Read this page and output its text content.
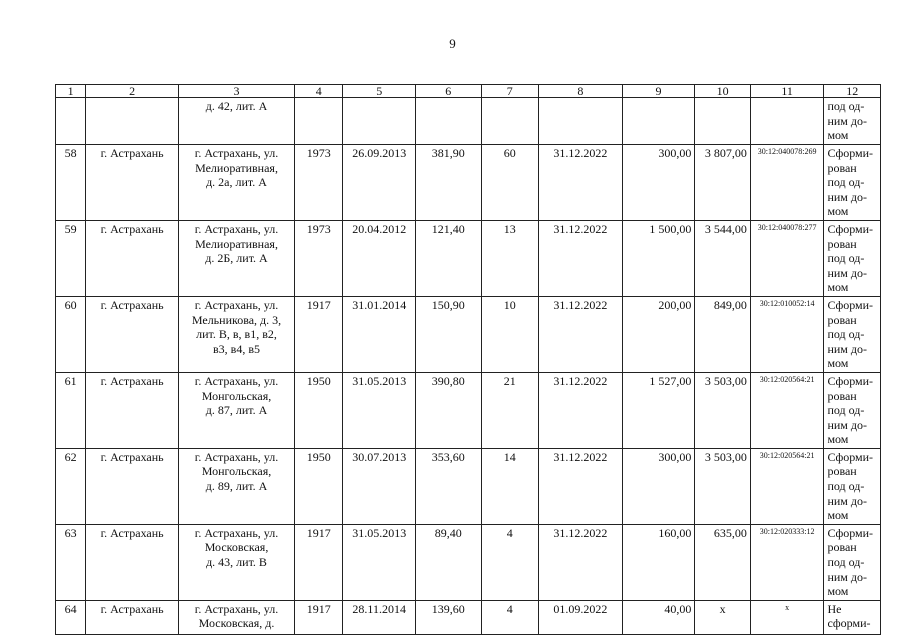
9
1	2	3	4	5	6	7	8	9	10	11	12
		д. 42, лит. А									под од-
ним до-
мом
58	г. Астрахань	г. Астрахань, ул.
Мелиоративная,
д. 2а, лит. А	1973	26.09.2013	381,90	60	31.12.2022	300,00	3 807,00	30:12:040078:269	Сформи-
рован
под од-
ним до-
мом
59	г. Астрахань	г. Астрахань, ул.
Мелиоративная,
д. 2Б, лит. А	1973	20.04.2012	121,40	13	31.12.2022	1 500,00	3 544,00	30:12:040078:277	Сформи-
рован
под од-
ним до-
мом
60	г. Астрахань	г. Астрахань, ул.
Мельникова, д. 3,
лит. В, в, в1, в2,
в3, в4, в5	1917	31.01.2014	150,90	10	31.12.2022	200,00	849,00	30:12:010052:14	Сформи-
рован
под од-
ним до-
мом
61	г. Астрахань	г. Астрахань, ул.
Монгольская,
д. 87, лит. А	1950	31.05.2013	390,80	21	31.12.2022	1 527,00	3 503,00	30:12:020564:21	Сформи-
рован
под од-
ним до-
мом
62	г. Астрахань	г. Астрахань, ул.
Монгольская,
д. 89, лит. А	1950	30.07.2013	353,60	14	31.12.2022	300,00	3 503,00	30:12:020564:21	Сформи-
рован
под од-
ним до-
мом
63	г. Астрахань	г. Астрахань, ул.
Московская,
д. 43, лит. В	1917	31.05.2013	89,40	4	31.12.2022	160,00	635,00	30:12:020333:12	Сформи-
рован
под од-
ним до-
мом
64	г. Астрахань	г. Астрахань, ул.
Московская, д.	1917	28.11.2014	139,60	4	01.09.2022	40,00	х	х	Не
сформи-
